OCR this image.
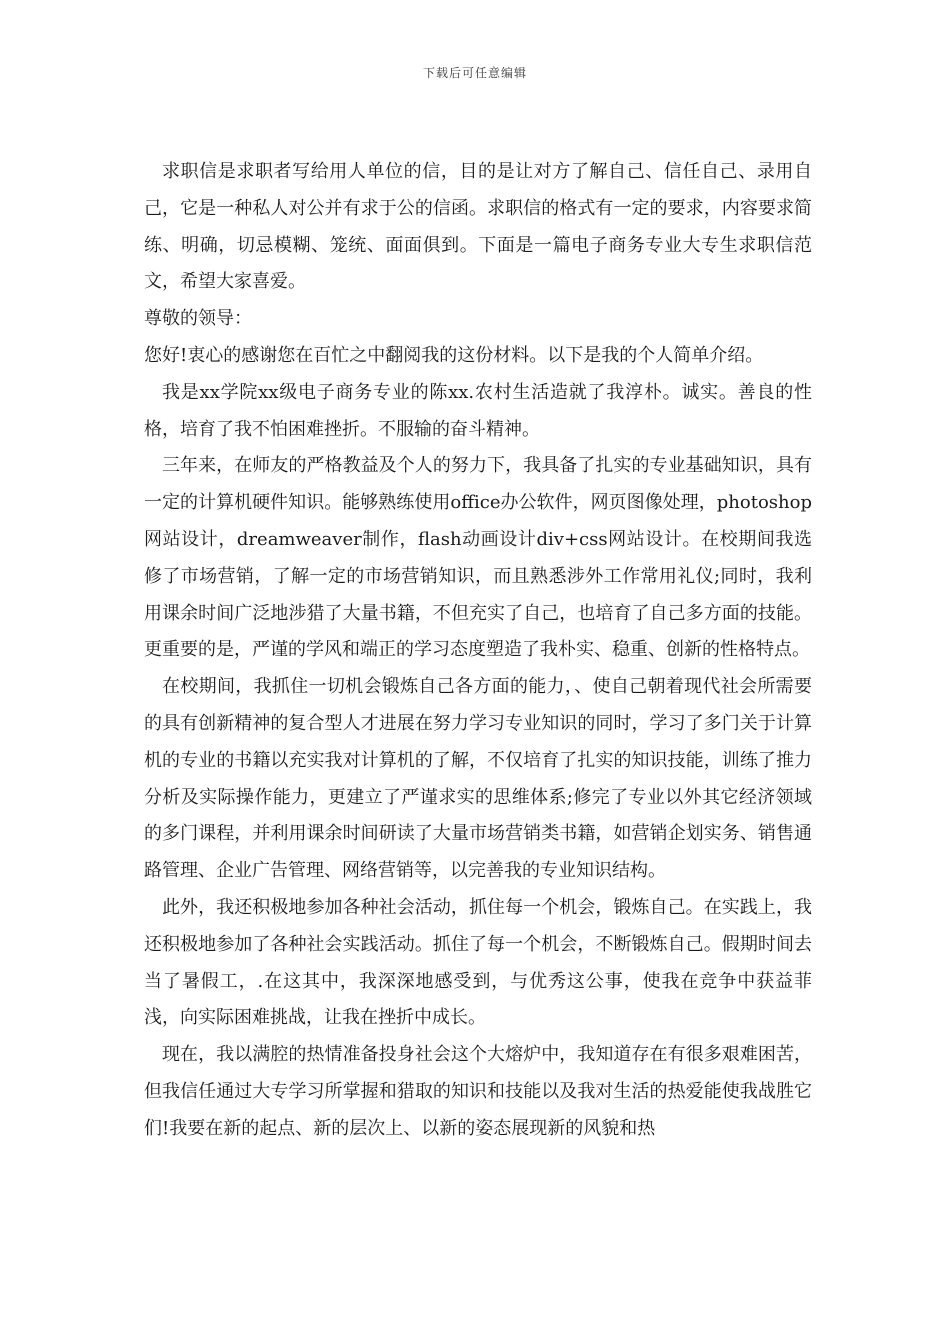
下载后可任意编辑

求职信是求职者写给用人单位的信，目的是让对方了解自己、信任自己、录用自己，它是一种私人对公并有求于公的信函。求职信的格式有一定的要求，内容要求简练、明确，切忌模糊、笼统、面面俱到。下面是一篇电子商务专业大专生求职信范文，希望大家喜爱。

尊敬的领导：

您好!衷心的感谢您在百忙之中翻阅我的这份材料。以下是我的个人简单介绍。

我是xx学院xx级电子商务专业的陈xx.农村生活造就了我淳朴。诚实。善良的性格，培育了我不怕困难挫折。不服输的奋斗精神。

三年来，在师友的严格教益及个人的努力下，我具备了扎实的专业基础知识，具有一定的计算机硬件知识。能够熟练使用office办公软件，网页图像处理，photoshop网站设计，dreamweaver制作，flash动画设计div+css网站设计。在校期间我选修了市场营销，了解一定的市场营销知识，而且熟悉涉外工作常用礼仪;同时，我利用课余时间广泛地涉猎了大量书籍，不但充实了自己，也培育了自己多方面的技能。更重要的是，严谨的学风和端正的学习态度塑造了我朴实、稳重、创新的性格特点。

在校期间，我抓住一切机会锻炼自己各方面的能力，、使自己朝着现代社会所需要的具有创新精神的复合型人才进展在努力学习专业知识的同时，学习了多门关于计算机的专业的书籍以充实我对计算机的了解，不仅培育了扎实的知识技能，训练了推力分析及实际操作能力，更建立了严谨求实的思维体系;修完了专业以外其它经济领域的多门课程，并利用课余时间研读了大量市场营销类书籍，如营销企划实务、销售通路管理、企业广告管理、网络营销等，以完善我的专业知识结构。

此外，我还积极地参加各种社会活动，抓住每一个机会，锻炼自己。在实践上，我还积极地参加了各种社会实践活动。抓住了每一个机会，不断锻炼自己。假期时间去当了暑假工，.在这其中，我深深地感受到，与优秀这公事，使我在竞争中获益菲浅，向实际困难挑战，让我在挫折中成长。

现在，我以满腔的热情准备投身社会这个大熔炉中，我知道存在有很多艰难困苦，但我信任通过大专学习所掌握和猎取的知识和技能以及我对生活的热爱能使我战胜它们!我要在新的起点、新的层次上、以新的姿态展现新的风貌和热
